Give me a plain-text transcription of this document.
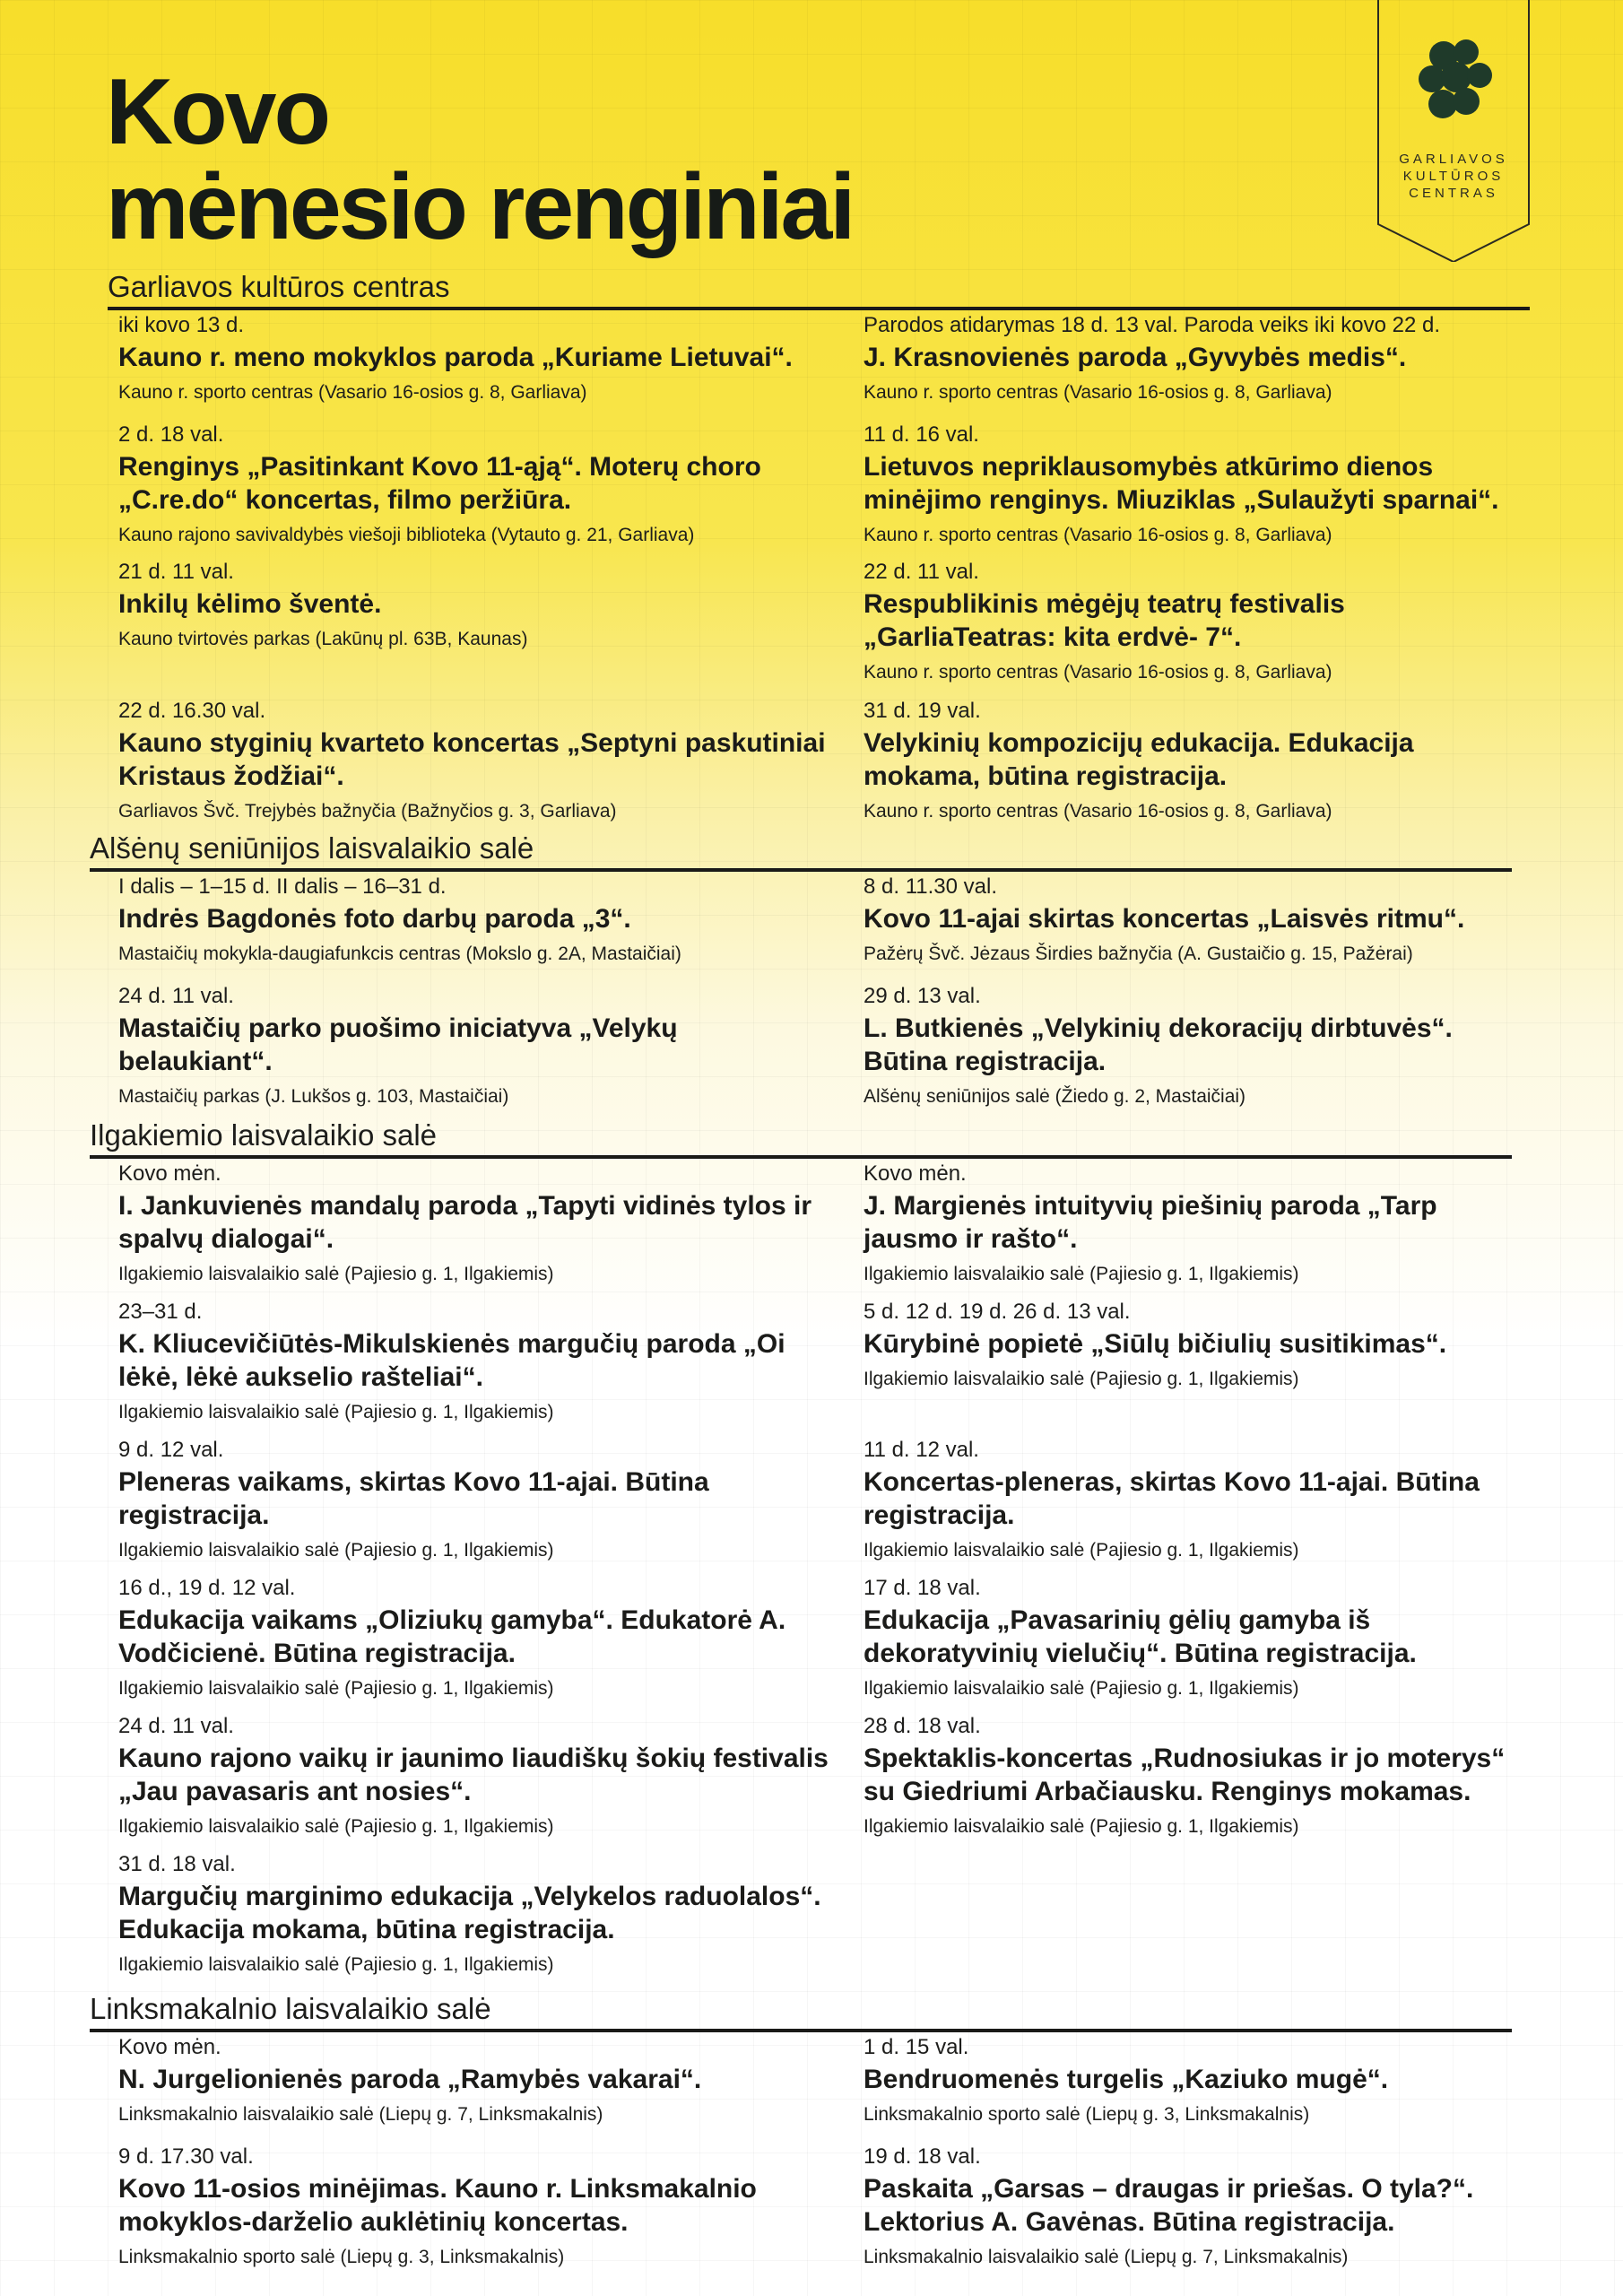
Kovo
mėnesio renginiai	GARLIAVOS
KULTŪROS
CENTRAS
Garliavos kultūros centras
iki kovo 13 d.
Kauno r. meno mokyklos paroda „Kuriame Lietuvai“.
Kauno r. sporto centras (Vasario 16-osios g. 8, Garliava)
2 d. 18 val.
Renginys „Pasitinkant Kovo 11-ąją“. Moterų choro „C.re.do“ koncertas, filmo peržiūra.
Kauno rajono savivaldybės viešoji biblioteka (Vytauto g. 21, Garliava)
21 d. 11 val.
Inkilų kėlimo šventė.
Kauno tvirtovės parkas (Lakūnų pl. 63B, Kaunas)
22 d. 16.30 val.
Kauno styginių kvarteto koncertas „Septyni paskutiniai Kristaus žodžiai“.
Garliavos Švč. Trejybės bažnyčia (Bažnyčios g. 3, Garliava)
Parodos atidarymas 18 d. 13 val. Paroda veiks iki kovo 22 d.
J. Krasnovienės paroda „Gyvybės medis“.
Kauno r. sporto centras (Vasario 16-osios g. 8, Garliava)
11 d. 16 val.
Lietuvos nepriklausomybės atkūrimo dienos minėjimo renginys. Miuziklas „Sulaužyti sparnai“.
Kauno r. sporto centras (Vasario 16-osios g. 8, Garliava)
22 d. 11 val.
Respublikinis mėgėjų teatrų festivalis „GarliaTeatras: kita erdvė- 7“.
Kauno r. sporto centras (Vasario 16-osios g. 8, Garliava)
31 d. 19 val.
Velykinių kompozicijų edukacija. Edukacija mokama, būtina registracija.
Kauno r. sporto centras (Vasario 16-osios g. 8, Garliava)
Alšėnų seniūnijos laisvalaikio salė
I dalis – 1–15 d. II dalis – 16–31 d.
Indrės Bagdonės foto darbų paroda „3“.
Mastaičių mokykla-daugiafunkcis centras (Mokslo g. 2A, Mastaičiai)
24 d. 11 val.
Mastaičių parko puošimo iniciatyva „Velykų belaukiant“.
Mastaičių parkas (J. Lukšos g. 103, Mastaičiai)
8 d. 11.30 val.
Kovo 11-ajai skirtas koncertas „Laisvės ritmu“.
Pažėrų Švč. Jėzaus Širdies bažnyčia (A. Gustaičio g. 15, Pažėrai)
29 d. 13 val.
L. Butkienės „Velykinių dekoracijų dirbtuvės“. Būtina registracija.
Alšėnų seniūnijos salė (Žiedo g. 2, Mastaičiai)
Ilgakiemio laisvalaikio salė
Kovo mėn.
I. Jankuvienės mandalų paroda „Tapyti vidinės tylos ir spalvų dialogai“.
Ilgakiemio laisvalaikio salė (Pajiesio g. 1, Ilgakiemis)
23–31 d.
K. Kliucevičiūtės-Mikulskienės margučių paroda „Oi lėkė, lėkė aukselio rašteliai“.
Ilgakiemio laisvalaikio salė (Pajiesio g. 1, Ilgakiemis)
9 d. 12 val.
Pleneras vaikams, skirtas Kovo 11-ajai. Būtina registracija.
Ilgakiemio laisvalaikio salė (Pajiesio g. 1, Ilgakiemis)
16 d., 19 d. 12 val.
Edukacija vaikams „Oliziukų gamyba“. Edukatorė A. Vodčicienė. Būtina registracija.
Ilgakiemio laisvalaikio salė (Pajiesio g. 1, Ilgakiemis)
24 d. 11 val.
Kauno rajono vaikų ir jaunimo liaudiškų šokių festivalis „Jau pavasaris ant nosies“.
Ilgakiemio laisvalaikio salė (Pajiesio g. 1, Ilgakiemis)
31 d. 18 val.
Margučių marginimo edukacija „Velykelos raduolalos“. Edukacija mokama, būtina registracija.
Ilgakiemio laisvalaikio salė (Pajiesio g. 1, Ilgakiemis)
Kovo mėn.
J. Margienės intuityvių piešinių paroda „Tarp jausmo ir rašto“.
Ilgakiemio laisvalaikio salė (Pajiesio g. 1, Ilgakiemis)
5 d. 12 d. 19 d. 26 d. 13 val.
Kūrybinė popietė „Siūlų bičiulių susitikimas“.
Ilgakiemio laisvalaikio salė (Pajiesio g. 1, Ilgakiemis)
11 d. 12 val.
Koncertas-pleneras, skirtas Kovo 11-ajai. Būtina registracija.
Ilgakiemio laisvalaikio salė (Pajiesio g. 1, Ilgakiemis)
17 d. 18 val.
Edukacija „Pavasarinių gėlių gamyba iš dekoratyvinių vielučių“. Būtina registracija.
Ilgakiemio laisvalaikio salė (Pajiesio g. 1, Ilgakiemis)
28 d. 18 val.
Spektaklis-koncertas „Rudnosiukas ir jo moterys“ su Giedriumi Arbačiausku. Renginys mokamas.
Ilgakiemio laisvalaikio salė (Pajiesio g. 1, Ilgakiemis)
Linksmakalnio laisvalaikio salė
Kovo mėn.
N. Jurgelionienės paroda „Ramybės vakarai“.
Linksmakalnio laisvalaikio salė (Liepų g. 7, Linksmakalnis)
9 d. 17.30 val.
Kovo 11-osios minėjimas. Kauno r. Linksmakalnio mokyklos-darželio auklėtinių koncertas.
Linksmakalnio sporto salė (Liepų g. 3, Linksmakalnis)
1 d. 15 val.
Bendruomenės turgelis „Kaziuko mugė“.
Linksmakalnio sporto salė (Liepų g. 3, Linksmakalnis)
19 d. 18 val.
Paskaita „Garsas – draugas ir priešas. O tyla?“. Lektorius A. Gavėnas. Būtina registracija.
Linksmakalnio laisvalaikio salė (Liepų g. 7, Linksmakalnis)
